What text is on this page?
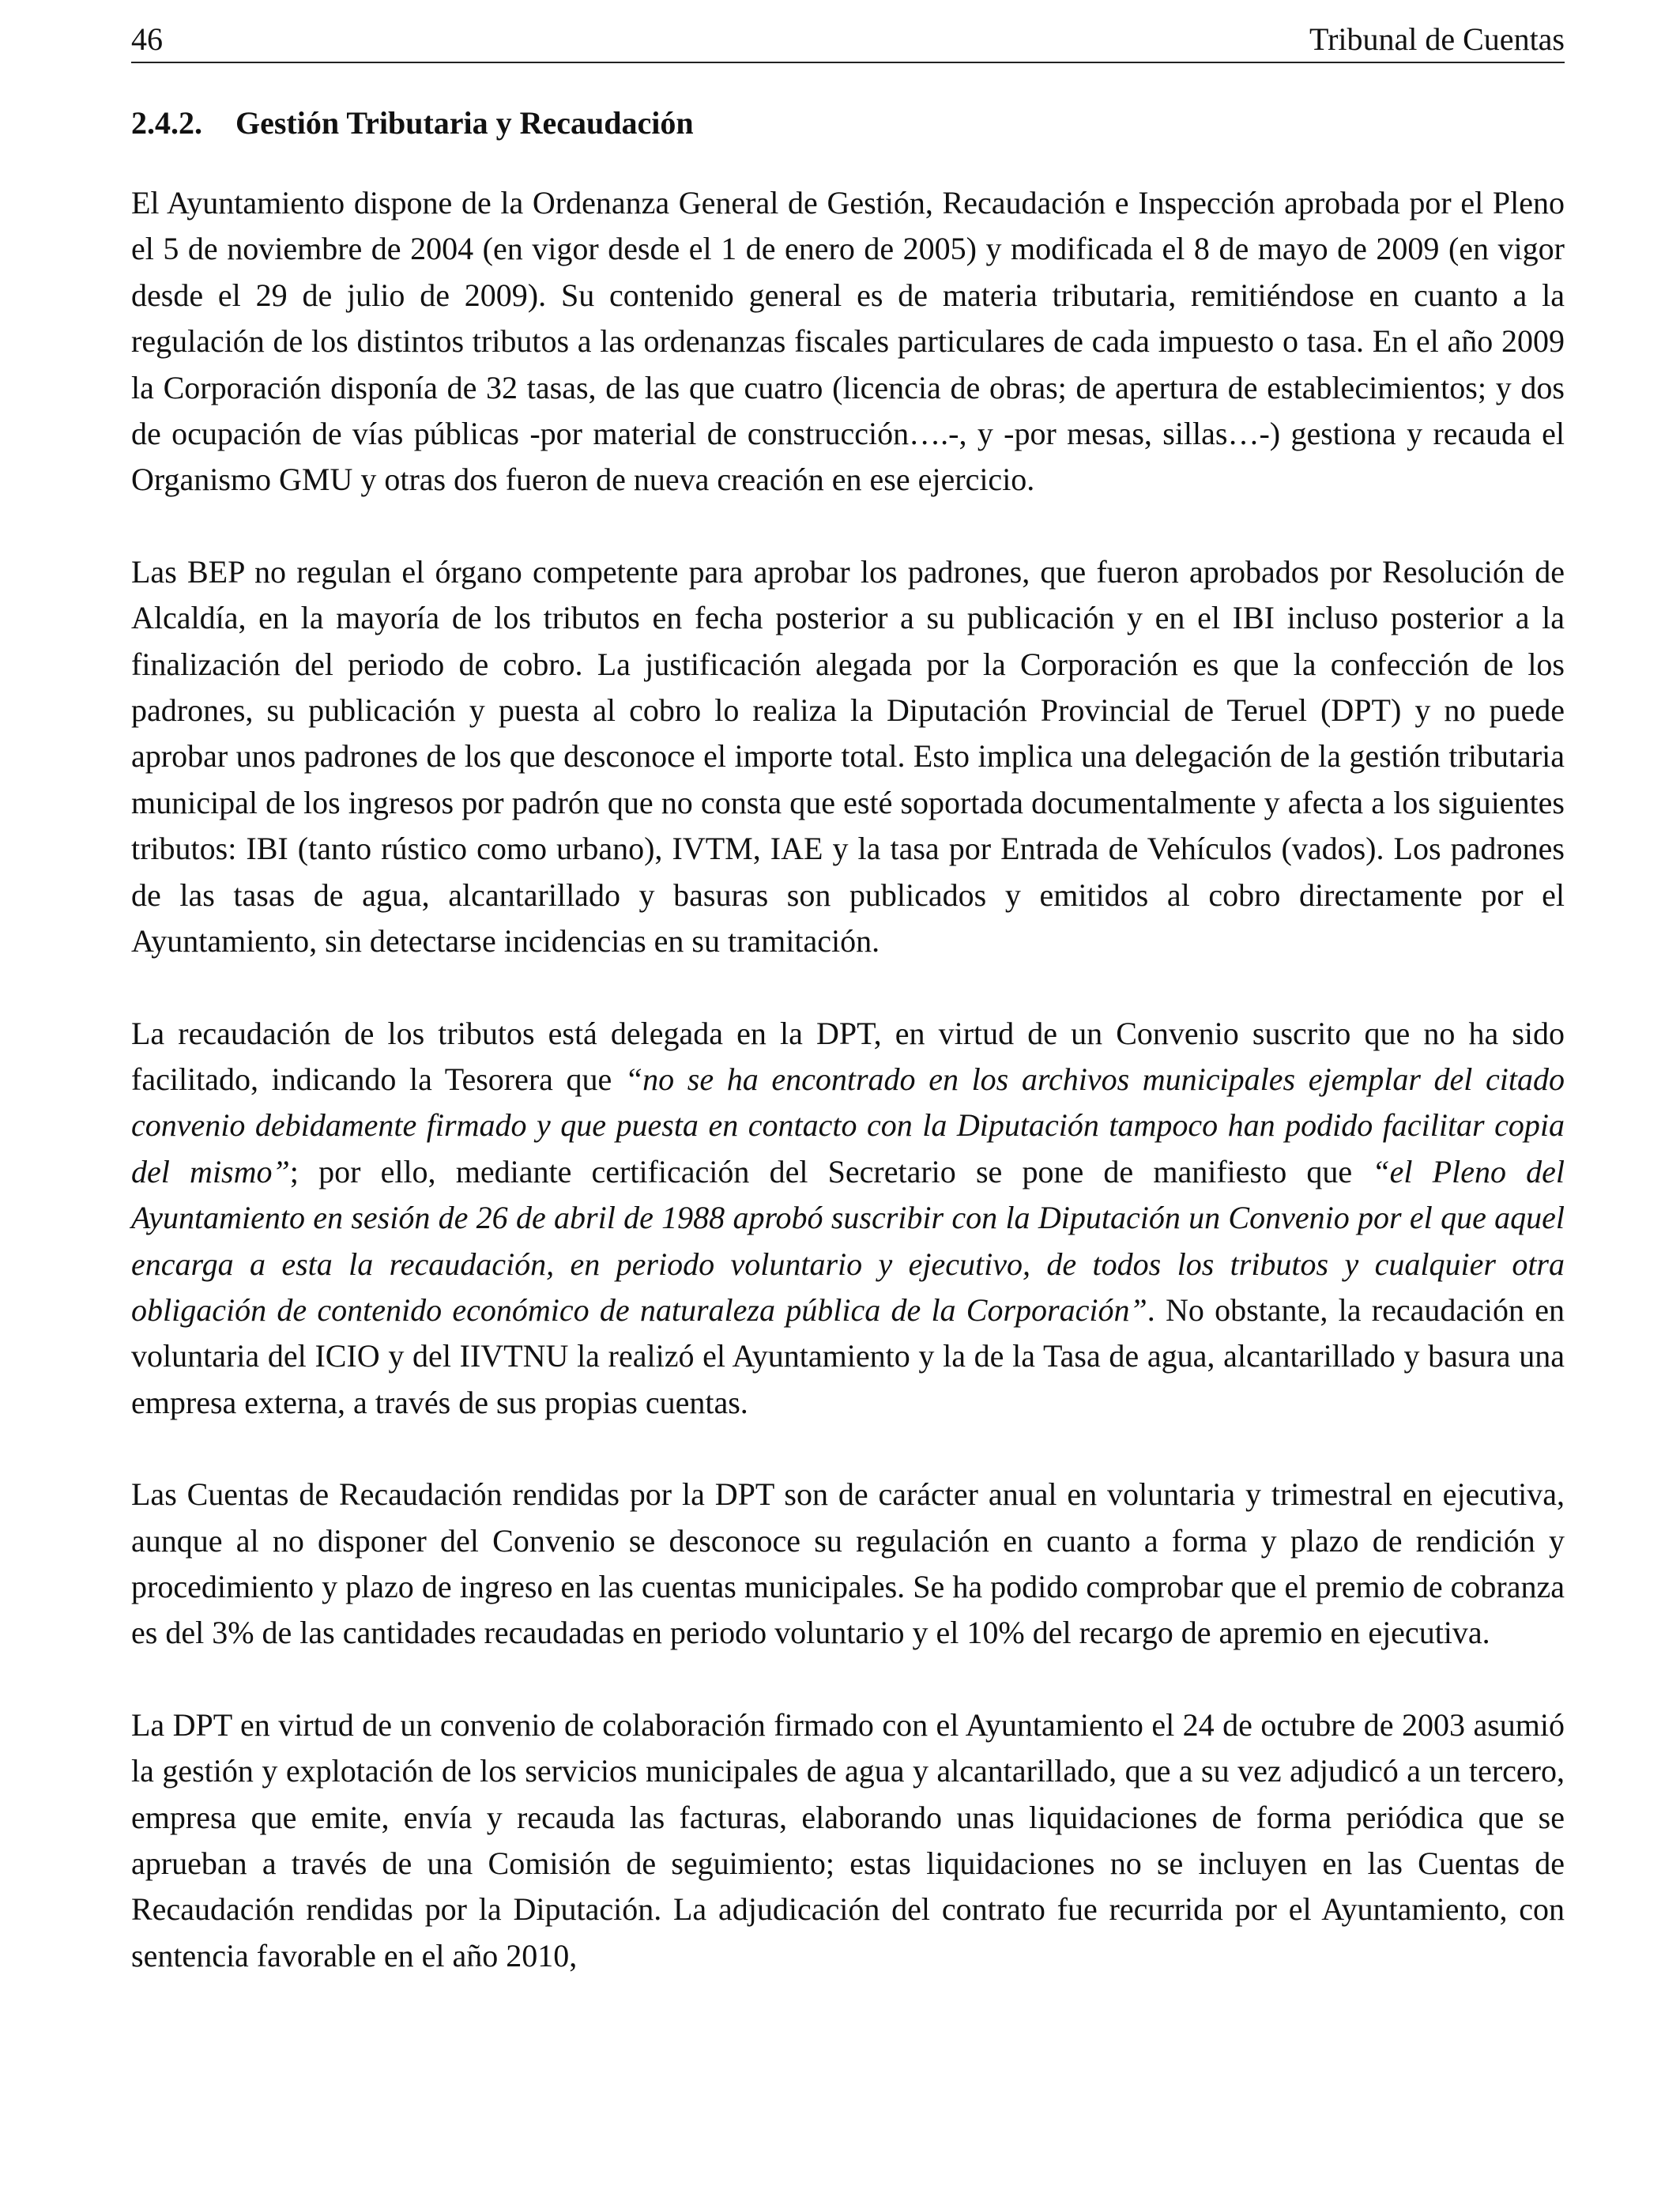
46	Tribunal de Cuentas
2.4.2. Gestión Tributaria y Recaudación

El Ayuntamiento dispone de la Ordenanza General de Gestión, Recaudación e Inspección aprobada por el Pleno el 5 de noviembre de 2004 (en vigor desde el 1 de enero de 2005) y modificada el 8 de mayo de 2009 (en vigor desde el 29 de julio de 2009). Su contenido general es de materia tributaria, remitiéndose en cuanto a la regulación de los distintos tributos a las ordenanzas fiscales particulares de cada impuesto o tasa. En el año 2009 la Corporación disponía de 32 tasas, de las que cuatro (licencia de obras; de apertura de establecimientos; y dos de ocupación de vías públicas -por material de construcción….-, y -por mesas, sillas…-) gestiona y recauda el Organismo GMU y otras dos fueron de nueva creación en ese ejercicio.

Las BEP no regulan el órgano competente para aprobar los padrones, que fueron aprobados por Resolución de Alcaldía, en la mayoría de los tributos en fecha posterior a su publicación y en el IBI incluso posterior a la finalización del periodo de cobro. La justificación alegada por la Corporación es que la confección de los padrones, su publicación y puesta al cobro lo realiza la Diputación Provincial de Teruel (DPT) y no puede aprobar unos padrones de los que desconoce el importe total. Esto implica una delegación de la gestión tributaria municipal de los ingresos por padrón que no consta que esté soportada documentalmente y afecta a los siguientes tributos: IBI (tanto rústico como urbano), IVTM, IAE y la tasa por Entrada de Vehículos (vados). Los padrones de las tasas de agua, alcantarillado y basuras son publicados y emitidos al cobro directamente por el Ayuntamiento, sin detectarse incidencias en su tramitación.

La recaudación de los tributos está delegada en la DPT, en virtud de un Convenio suscrito que no ha sido facilitado, indicando la Tesorera que “no se ha encontrado en los archivos municipales ejemplar del citado convenio debidamente firmado y que puesta en contacto con la Diputación tampoco han podido facilitar copia del mismo”; por ello, mediante certificación del Secretario se pone de manifiesto que “el Pleno del Ayuntamiento en sesión de 26 de abril de 1988 aprobó suscribir con la Diputación un Convenio por el que aquel encarga a esta la recaudación, en periodo voluntario y ejecutivo, de todos los tributos y cualquier otra obligación de contenido económico de naturaleza pública de la Corporación”. No obstante, la recaudación en voluntaria del ICIO y del IIVTNU la realizó el Ayuntamiento y la de la Tasa de agua, alcantarillado y basura una empresa externa, a través de sus propias cuentas.

Las Cuentas de Recaudación rendidas por la DPT son de carácter anual en voluntaria y trimestral en ejecutiva, aunque al no disponer del Convenio se desconoce su regulación en cuanto a forma y plazo de rendición y procedimiento y plazo de ingreso en las cuentas municipales. Se ha podido comprobar que el premio de cobranza es del 3% de las cantidades recaudadas en periodo voluntario y el 10% del recargo de apremio en ejecutiva.

La DPT en virtud de un convenio de colaboración firmado con el Ayuntamiento el 24 de octubre de 2003 asumió la gestión y explotación de los servicios municipales de agua y alcantarillado, que a su vez adjudicó a un tercero, empresa que emite, envía y recauda las facturas, elaborando unas liquidaciones de forma periódica que se aprueban a través de una Comisión de seguimiento; estas liquidaciones no se incluyen en las Cuentas de Recaudación rendidas por la Diputación. La adjudicación del contrato fue recurrida por el Ayuntamiento, con sentencia favorable en el año 2010,
